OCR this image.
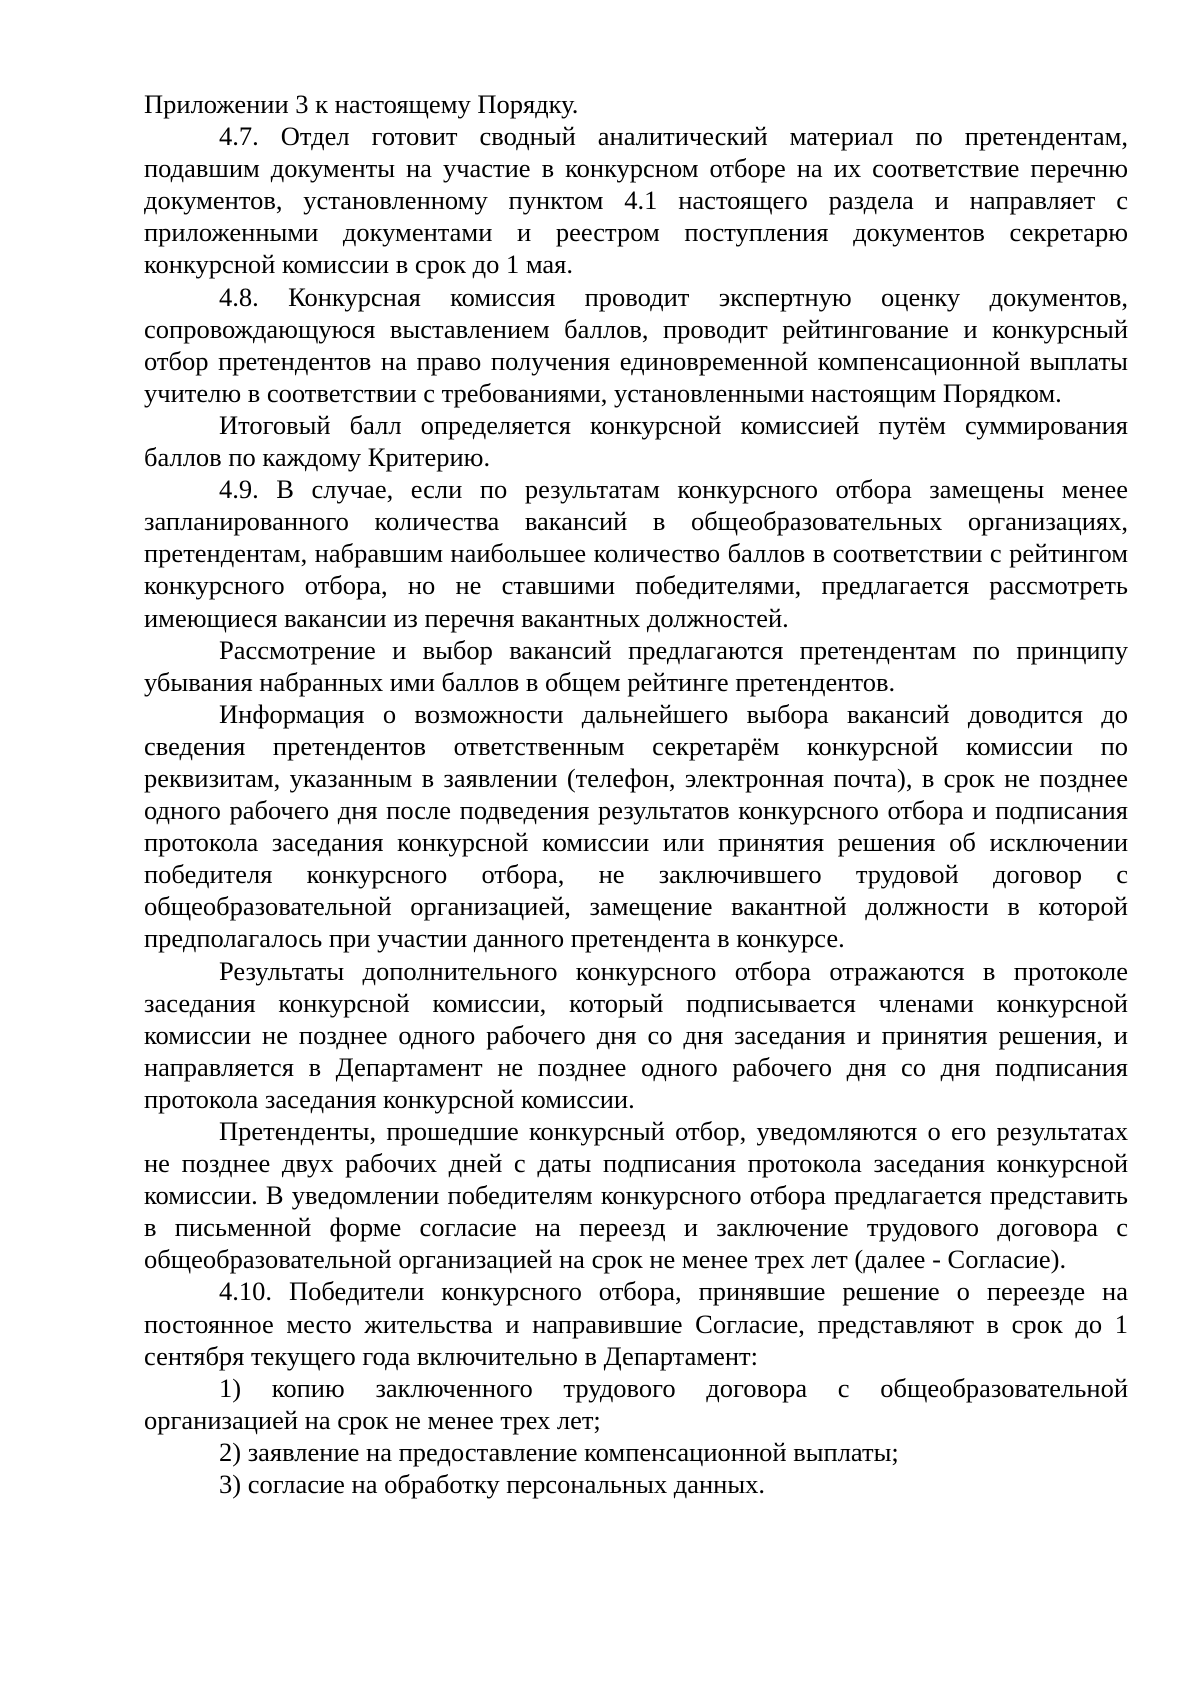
Приложении 3 к настоящему Порядку.

4.7. Отдел готовит сводный аналитический материал по претендентам, подавшим документы на участие в конкурсном отборе на их соответствие перечню документов, установленному пунктом 4.1 настоящего раздела и направляет с приложенными документами и реестром поступления документов секретарю конкурсной комиссии в срок до 1 мая.

4.8. Конкурсная комиссия проводит экспертную оценку документов, сопровождающуюся выставлением баллов, проводит рейтингование и конкурсный отбор претендентов на право получения единовременной компенсационной выплаты учителю в соответствии с требованиями, установленными настоящим Порядком.

Итоговый балл определяется конкурсной комиссией путём суммирования баллов по каждому Критерию.

4.9. В случае, если по результатам конкурсного отбора замещены менее запланированного количества вакансий в общеобразовательных организациях, претендентам, набравшим наибольшее количество баллов в соответствии с рейтингом конкурсного отбора, но не ставшими победителями, предлагается рассмотреть имеющиеся вакансии из перечня вакантных должностей.

Рассмотрение и выбор вакансий предлагаются претендентам по принципу убывания набранных ими баллов в общем рейтинге претендентов.

Информация о возможности дальнейшего выбора вакансий доводится до сведения претендентов ответственным секретарём конкурсной комиссии по реквизитам, указанным в заявлении (телефон, электронная почта), в срок не позднее одного рабочего дня после подведения результатов конкурсного отбора и подписания протокола заседания конкурсной комиссии или принятия решения об исключении победителя конкурсного отбора, не заключившего трудовой договор с общеобразовательной организацией, замещение вакантной должности в которой предполагалось при участии данного претендента в конкурсе.

Результаты дополнительного конкурсного отбора отражаются в протоколе заседания конкурсной комиссии, который подписывается членами конкурсной комиссии не позднее одного рабочего дня со дня заседания и принятия решения, и направляется в Департамент не позднее одного рабочего дня со дня подписания протокола заседания конкурсной комиссии.

Претенденты, прошедшие конкурсный отбор, уведомляются о его результатах не позднее двух рабочих дней с даты подписания протокола заседания конкурсной комиссии. В уведомлении победителям конкурсного отбора предлагается представить в письменной форме согласие на переезд и заключение трудового договора с общеобразовательной организацией на срок не менее трех лет (далее - Согласие).

4.10. Победители конкурсного отбора, принявшие решение о переезде на постоянное место жительства и направившие Согласие, представляют в срок до 1 сентября текущего года включительно в Департамент:

1) копию заключенного трудового договора с общеобразовательной организацией на срок не менее трех лет;

2) заявление на предоставление компенсационной выплаты;

3) согласие на обработку персональных данных.
